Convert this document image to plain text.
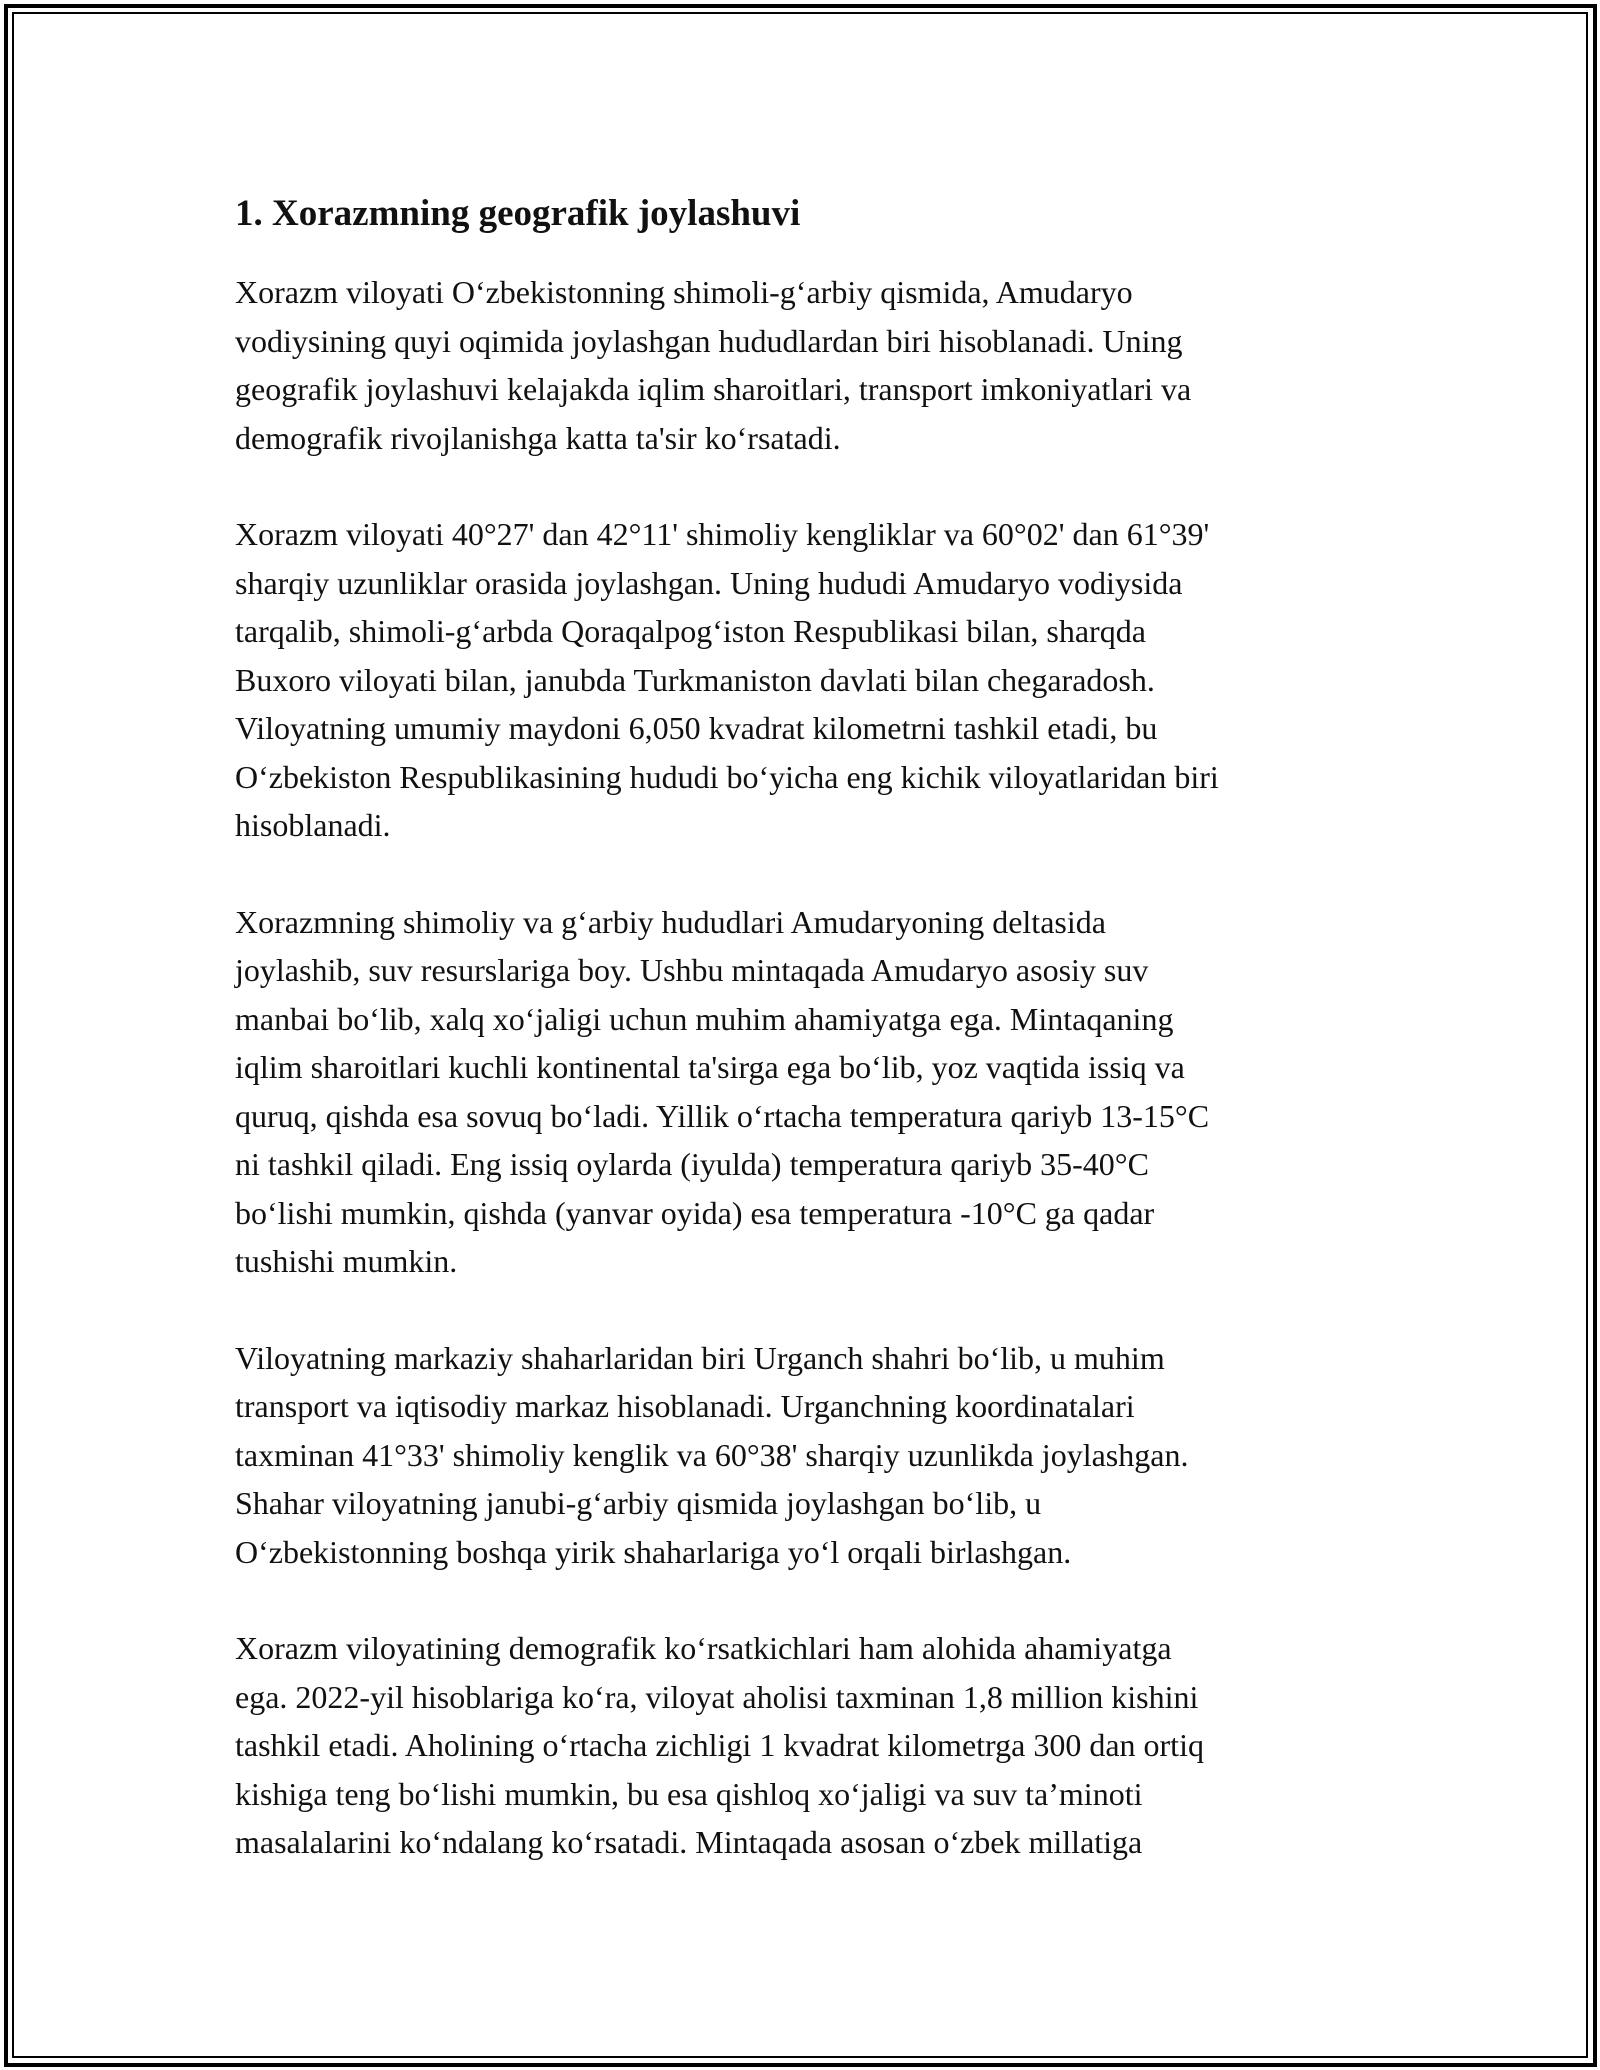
1. Xorazmning geografik joylashuvi

Xorazm viloyati O‘zbekistonning shimoli-g‘arbiy qismida, Amudaryo
vodiysining quyi oqimida joylashgan hududlardan biri hisoblanadi. Uning
geografik joylashuvi kelajakda iqlim sharoitlari, transport imkoniyatlari va
demografik rivojlanishga katta ta'sir ko‘rsatadi.

Xorazm viloyati 40°27' dan 42°11' shimoliy kengliklar va 60°02' dan 61°39'
sharqiy uzunliklar orasida joylashgan. Uning hududi Amudaryo vodiysida
tarqalib, shimoli-g‘arbda Qoraqalpog‘iston Respublikasi bilan, sharqda
Buxoro viloyati bilan, janubda Turkmaniston davlati bilan chegaradosh.
Viloyatning umumiy maydoni 6,050 kvadrat kilometrni tashkil etadi, bu
O‘zbekiston Respublikasining hududi bo‘yicha eng kichik viloyatlaridan biri
hisoblanadi.

Xorazmning shimoliy va g‘arbiy hududlari Amudaryoning deltasida
joylashib, suv resurslariga boy. Ushbu mintaqada Amudaryo asosiy suv
manbai bo‘lib, xalq xo‘jaligi uchun muhim ahamiyatga ega. Mintaqaning
iqlim sharoitlari kuchli kontinental ta'sirga ega bo‘lib, yoz vaqtida issiq va
quruq, qishda esa sovuq bo‘ladi. Yillik o‘rtacha temperatura qariyb 13-15°C
ni tashkil qiladi. Eng issiq oylarda (iyulda) temperatura qariyb 35-40°C
bo‘lishi mumkin, qishda (yanvar oyida) esa temperatura -10°C ga qadar
tushishi mumkin.

Viloyatning markaziy shaharlaridan biri Urganch shahri bo‘lib, u muhim
transport va iqtisodiy markaz hisoblanadi. Urganchning koordinatalari
taxminan 41°33' shimoliy kenglik va 60°38' sharqiy uzunlikda joylashgan.
Shahar viloyatning janubi-g‘arbiy qismida joylashgan bo‘lib, u
O‘zbekistonning boshqa yirik shaharlariga yo‘l orqali birlashgan.

Xorazm viloyatining demografik ko‘rsatkichlari ham alohida ahamiyatga
ega. 2022-yil hisoblariga ko‘ra, viloyat aholisi taxminan 1,8 million kishini
tashkil etadi. Aholining o‘rtacha zichligi 1 kvadrat kilometrga 300 dan ortiq
kishiga teng bo‘lishi mumkin, bu esa qishloq xo‘jaligi va suv ta’minoti
masalalarini ko‘ndalang ko‘rsatadi. Mintaqada asosan o‘zbek millatiga
